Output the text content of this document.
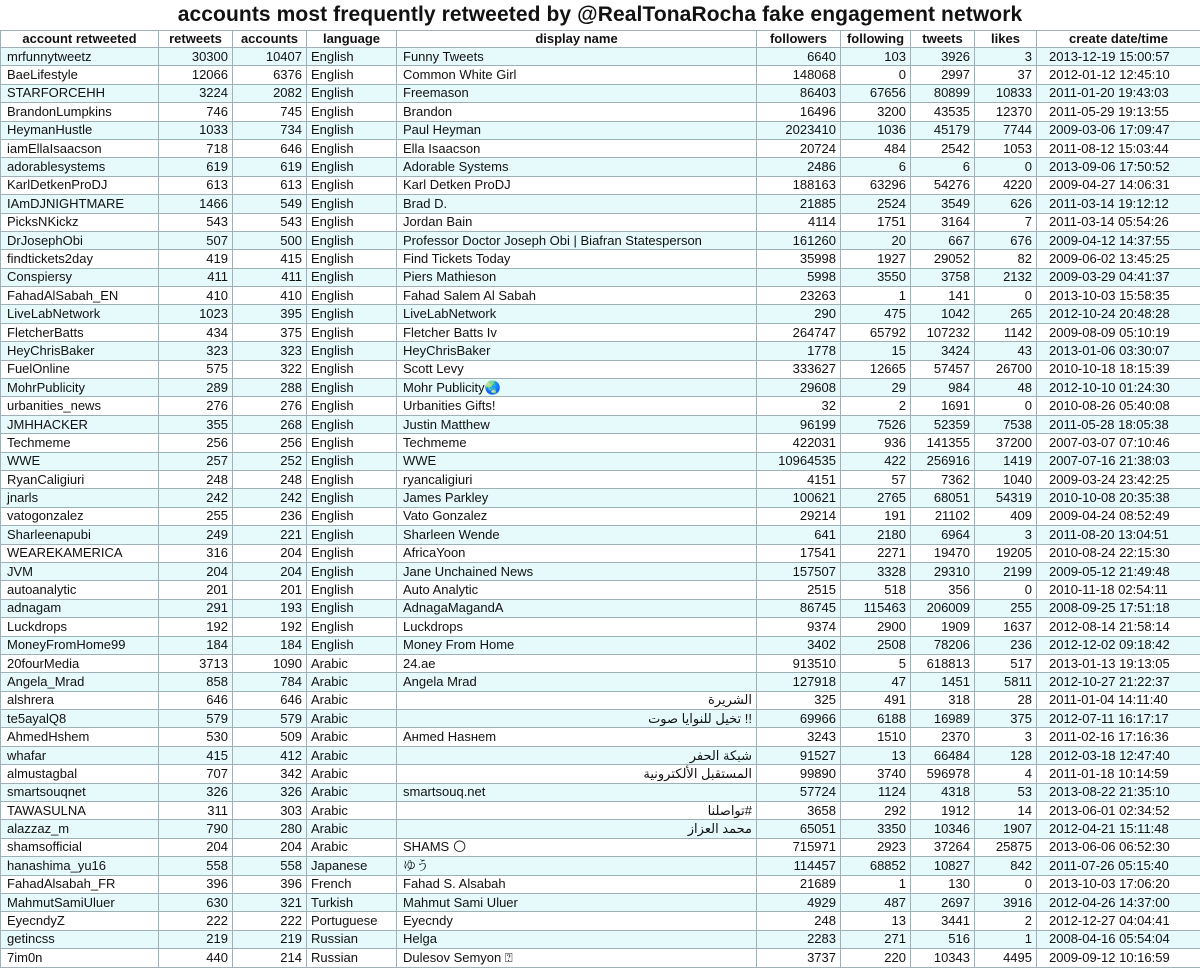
accounts most frequently retweeted by @RealTonaRocha fake engagement network
account retweeted	retweets	accounts	language	display name	followers	following	tweets	likes	create date/time
mrfunnytweetz	30300	10407	English	Funny Tweets	6640	103	3926	3	2013-12-19 15:00:57
BaeLifestyle	12066	6376	English	Common White Girl	148068	0	2997	37	2012-01-12 12:45:10
STARFORCEHH	3224	2082	English	Freemason	86403	67656	80899	10833	2011-01-20 19:43:03
BrandonLumpkins	746	745	English	Brandon	16496	3200	43535	12370	2011-05-29 19:13:55
HeymanHustle	1033	734	English	Paul Heyman	2023410	1036	45179	7744	2009-03-06 17:09:47
iamEllaIsaacson	718	646	English	Ella Isaacson	20724	484	2542	1053	2011-08-12 15:03:44
adorablesystems	619	619	English	Adorable Systems	2486	6	6	0	2013-09-06 17:50:52
KarlDetkenProDJ	613	613	English	Karl Detken ProDJ	188163	63296	54276	4220	2009-04-27 14:06:31
IAmDJNIGHTMARE	1466	549	English	Brad D.	21885	2524	3549	626	2011-03-14 19:12:12
PicksNKickz	543	543	English	Jordan Bain	4114	1751	3164	7	2011-03-14 05:54:26
DrJosephObi	507	500	English	Professor Doctor Joseph Obi | Biafran Statesperson	161260	20	667	676	2009-04-12 14:37:55
findtickets2day	419	415	English	Find Tickets Today	35998	1927	29052	82	2009-06-02 13:45:25
Conspiersy	411	411	English	Piers Mathieson	5998	3550	3758	2132	2009-03-29 04:41:37
FahadAlSabah_EN	410	410	English	Fahad Salem Al Sabah	23263	1	141	0	2013-10-03 15:58:35
LiveLabNetwork	1023	395	English	LiveLabNetwork	290	475	1042	265	2012-10-24 20:48:28
FletcherBatts	434	375	English	Fletcher Batts Iv	264747	65792	107232	1142	2009-08-09 05:10:19
HeyChrisBaker	323	323	English	HeyChrisBaker	1778	15	3424	43	2013-01-06 03:30:07
FuelOnline	575	322	English	Scott Levy	333627	12665	57457	26700	2010-10-18 18:15:39
MohrPublicity	289	288	English	Mohr Publicity🌏	29608	29	984	48	2012-10-10 01:24:30
urbanities_news	276	276	English	Urbanities Gifts!	32	2	1691	0	2010-08-26 05:40:08
JMHHACKER	355	268	English	Justin Matthew	96199	7526	52359	7538	2011-05-28 18:05:38
Techmeme	256	256	English	Techmeme	422031	936	141355	37200	2007-03-07 07:10:46
WWE	257	252	English	WWE	10964535	422	256916	1419	2007-07-16 21:38:03
RyanCaligiuri	248	248	English	ryancaligiuri	4151	57	7362	1040	2009-03-24 23:42:25
jnarls	242	242	English	James Parkley	100621	2765	68051	54319	2010-10-08 20:35:38
vatogonzalez	255	236	English	Vato Gonzalez	29214	191	21102	409	2009-04-24 08:52:49
Sharleenapubi	249	221	English	Sharleen Wende	641	2180	6964	3	2011-08-20 13:04:51
WEAREKAMERICA	316	204	English	AfricaYoon	17541	2271	19470	19205	2010-08-24 22:15:30
JVM	204	204	English	Jane Unchained News	157507	3328	29310	2199	2009-05-12 21:49:48
autoanalytic	201	201	English	Auto Analytic	2515	518	356	0	2010-11-18 02:54:11
adnagam	291	193	English	AdnagaMagandA	86745	115463	206009	255	2008-09-25 17:51:18
Luckdrops	192	192	English	Luckdrops	9374	2900	1909	1637	2012-08-14 21:58:14
MoneyFromHome99	184	184	English	Money From Home	3402	2508	78206	236	2012-12-02 09:18:42
20fourMedia	3713	1090	Arabic	24.ae	913510	5	618813	517	2013-01-13 19:13:05
Angela_Mrad	858	784	Arabic	Angela Mrad	127918	47	1451	5811	2012-10-27 21:22:37
alshrera	646	646	Arabic	الشريرة	325	491	318	28	2011-01-04 14:11:40
te5ayalQ8	579	579	Arabic	!! تخيل للنوايا صوت	69966	6188	16989	375	2012-07-11 16:17:17
AhmedHshem	530	509	Arabic	Aнmed Hasнem	3243	1510	2370	3	2011-02-16 17:16:36
whafar	415	412	Arabic	شبكة الحفر	91527	13	66484	128	2012-03-18 12:47:40
almustagbal	707	342	Arabic	المستقبل الألكترونية	99890	3740	596978	4	2011-01-18 10:14:59
smartsouqnet	326	326	Arabic	smartsouq.net	57724	1124	4318	53	2013-08-22 21:35:10
TAWASULNA	311	303	Arabic	#تواصلنا	3658	292	1912	14	2013-06-01 02:34:52
alazzaz_m	790	280	Arabic	محمد العزاز	65051	3350	10346	1907	2012-04-21 15:11:48
shamsofficial	204	204	Arabic	SHAMS 🌕	715971	2923	37264	25875	2013-06-06 06:52:30
hanashima_yu16	558	558	Japanese	ゆう	114457	68852	10827	842	2011-07-26 05:15:40
FahadAlsabah_FR	396	396	French	Fahad S. Alsabah	21689	1	130	0	2013-10-03 17:06:20
MahmutSamiUluer	630	321	Turkish	Mahmut Sami Uluer	4929	487	2697	3916	2012-04-26 14:37:00
EyecndyZ	222	222	Portuguese	Eyecndy	248	13	3441	2	2012-12-27 04:04:41
getincss	219	219	Russian	Helga	2283	271	516	1	2008-04-16 05:54:04
7im0n	440	214	Russian	Dulesov Semyon ⍰	3737	220	10343	4495	2009-09-12 10:16:59
